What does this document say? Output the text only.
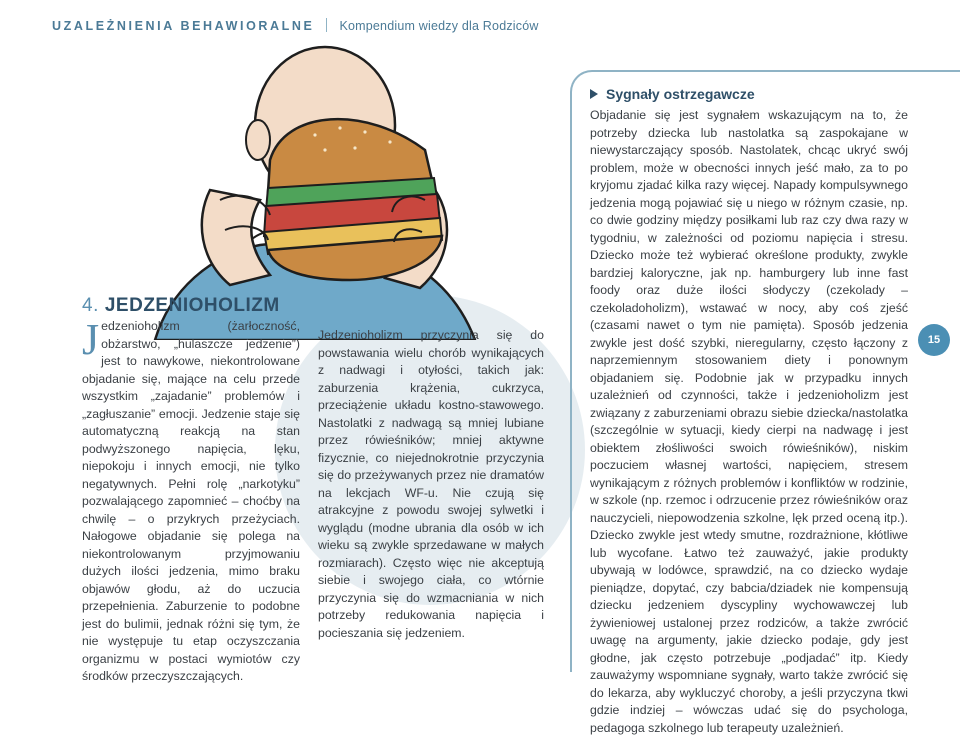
UZALEŻNIENIA BEHAWIORALNE Kompendium wiedzy dla Rodziców
4. JEDZENIOHOLIZM
Jedzenioholizm (żarłoczność, obżarstwo, „hulaszcze jedzenie”) jest to nawykowe, niekontrolowane objadanie się, mające na celu przede wszystkim „zajadanie” problemów i „zagłuszanie” emocji. Jedzenie staje się automatyczną reakcją na stan podwyższonego napięcia, lęku, niepokoju i innych emocji, nie tylko negatywnych. Pełni rolę „narkotyku” pozwalającego zapomnieć – choćby na chwilę – o przykrych przeżyciach. Nałogowe objadanie się polega na niekontrolowanym przyjmowaniu dużych ilości jedzenia, mimo braku objawów głodu, aż do uczucia przepełnienia. Zaburzenie to podobne jest do bulimii, jednak różni się tym, że nie występuje tu etap oczyszczania organizmu w postaci wymiotów czy środków przeczyszczających.
Jedzenioholizm przyczynia się do powstawania wielu chorób wynikających z nadwagi i otyłości, takich jak: zaburzenia krążenia, cukrzyca, przeciążenie układu kostno-stawowego. Nastolatki z nadwagą są mniej lubiane przez rówieśników; mniej aktywne fizycznie, co niejednokrotnie przyczynia się do przeżywanych przez nie dramatów na lekcjach WF-u. Nie czują się atrakcyjne z powodu swojej sylwetki i wyglądu (modne ubrania dla osób w ich wieku są zwykle sprzedawane w małych rozmiarach). Często więc nie akceptują siebie i swojego ciała, co wtórnie przyczynia się do wzmacniania w nich potrzeby redukowania napięcia i pocieszania się jedzeniem.
Sygnały ostrzegawcze
Objadanie się jest sygnałem wskazującym na to, że potrzeby dziecka lub nastolatka są zaspokajane w niewystarczający sposób. Nastolatek, chcąc ukryć swój problem, może w obecności innych jeść mało, za to po kryjomu zjadać kilka razy więcej. Napady kompulsywnego jedzenia mogą pojawiać się u niego w różnym czasie, np. co dwie godziny między posiłkami lub raz czy dwa razy w tygodniu, w zależności od poziomu napięcia i stresu. Dziecko może też wybierać określone produkty, zwykle bardziej kaloryczne, jak np. hamburgery lub inne fast foody oraz duże ilości słodyczy (czekolady – czekoladoholizm), wstawać w nocy, aby coś zjeść (czasami nawet o tym nie pamięta). Sposób jedzenia zwykle jest dość szybki, nieregularny, często łączony z naprzemiennym stosowaniem diety i ponownym objadaniem się. Podobnie jak w przypadku innych uzależnień od czynności, także i jedzenioholizm jest związany z zaburzeniami obrazu siebie dziecka/nastolatka (szczególnie w sytuacji, kiedy cierpi na nadwagę i jest obiektem złośliwości swoich rówieśników), niskim poczuciem własnej wartości, napięciem, stresem wynikającym z różnych problemów i konfliktów w rodzinie, w szkole (np. rzemoc i odrzucenie przez rówieśników oraz nauczycieli, niepowodzenia szkolne, lęk przed oceną itp.). Dziecko zwykle jest wtedy smutne, rozdrażnione, kłótliwe lub wycofane. Łatwo też zauważyć, jakie produkty ubywają w lodówce, sprawdzić, na co dziecko wydaje pieniądze, dopytać, czy babcia/dziadek nie kompensują dziecku jedzeniem dyscypliny wychowawczej lub żywieniowej ustalonej przez rodziców, a także zwrócić uwagę na argumenty, jakie dziecko podaje, gdy jest głodne, jak często potrzebuje „podjadać” itp. Kiedy zauważymy wspomniane sygnały, warto także zwrócić się do lekarza, aby wykluczyć choroby, a jeśli przyczyna tkwi gdzie indziej – wówczas udać się do psychologa, pedagoga szkolnego lub terapeuty uzależnień.
15
